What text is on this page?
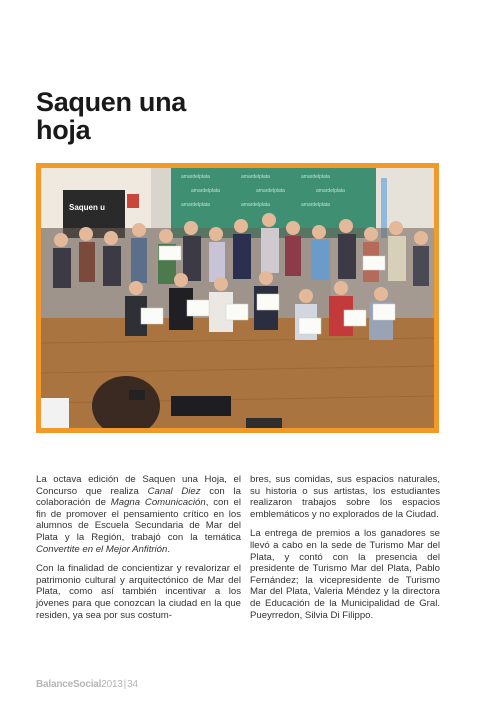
Saquen una
hoja
amardelplata	amardelplata	amardelplata
amardelplata	amardelplata	amardelplata
amardelplata	amardelplata	amardelplata
Saquen u

La octava edición de Saquen una Hoja, el Concurso que realiza Canal Diez con la colaboración de Magna Comunicación, con el fin de promover el pensamiento crítico en los alumnos de Escuela Secundaria de Mar del Plata y la Región, trabajó con la temática Convertite en el Mejor Anfitrión.

Con la finalidad de concientizar y revalorizar el patrimonio cultural y arquitectónico de Mar del Plata, como así también incentivar a los jóvenes para que conozcan la ciudad en la que residen, ya sea por sus costum-

bres, sus comidas, sus espacios naturales, su historia o sus artistas, los estudiantes realizaron trabajos sobre los espacios emblemáticos y no explorados de la Ciudad.

La entrega de premios a los ganadores se llevó a cabo en la sede de Turismo Mar del Plata, y contó con la presencia del presidente de Turismo Mar del Plata, Pablo Fernández; la vicepresidente de Turismo Mar del Plata, Valeria Méndez y la directora de Educación de la Municipalidad de Gral. Pueyrredon, Silvia Di Filippo.

BalanceSocial2013|34
